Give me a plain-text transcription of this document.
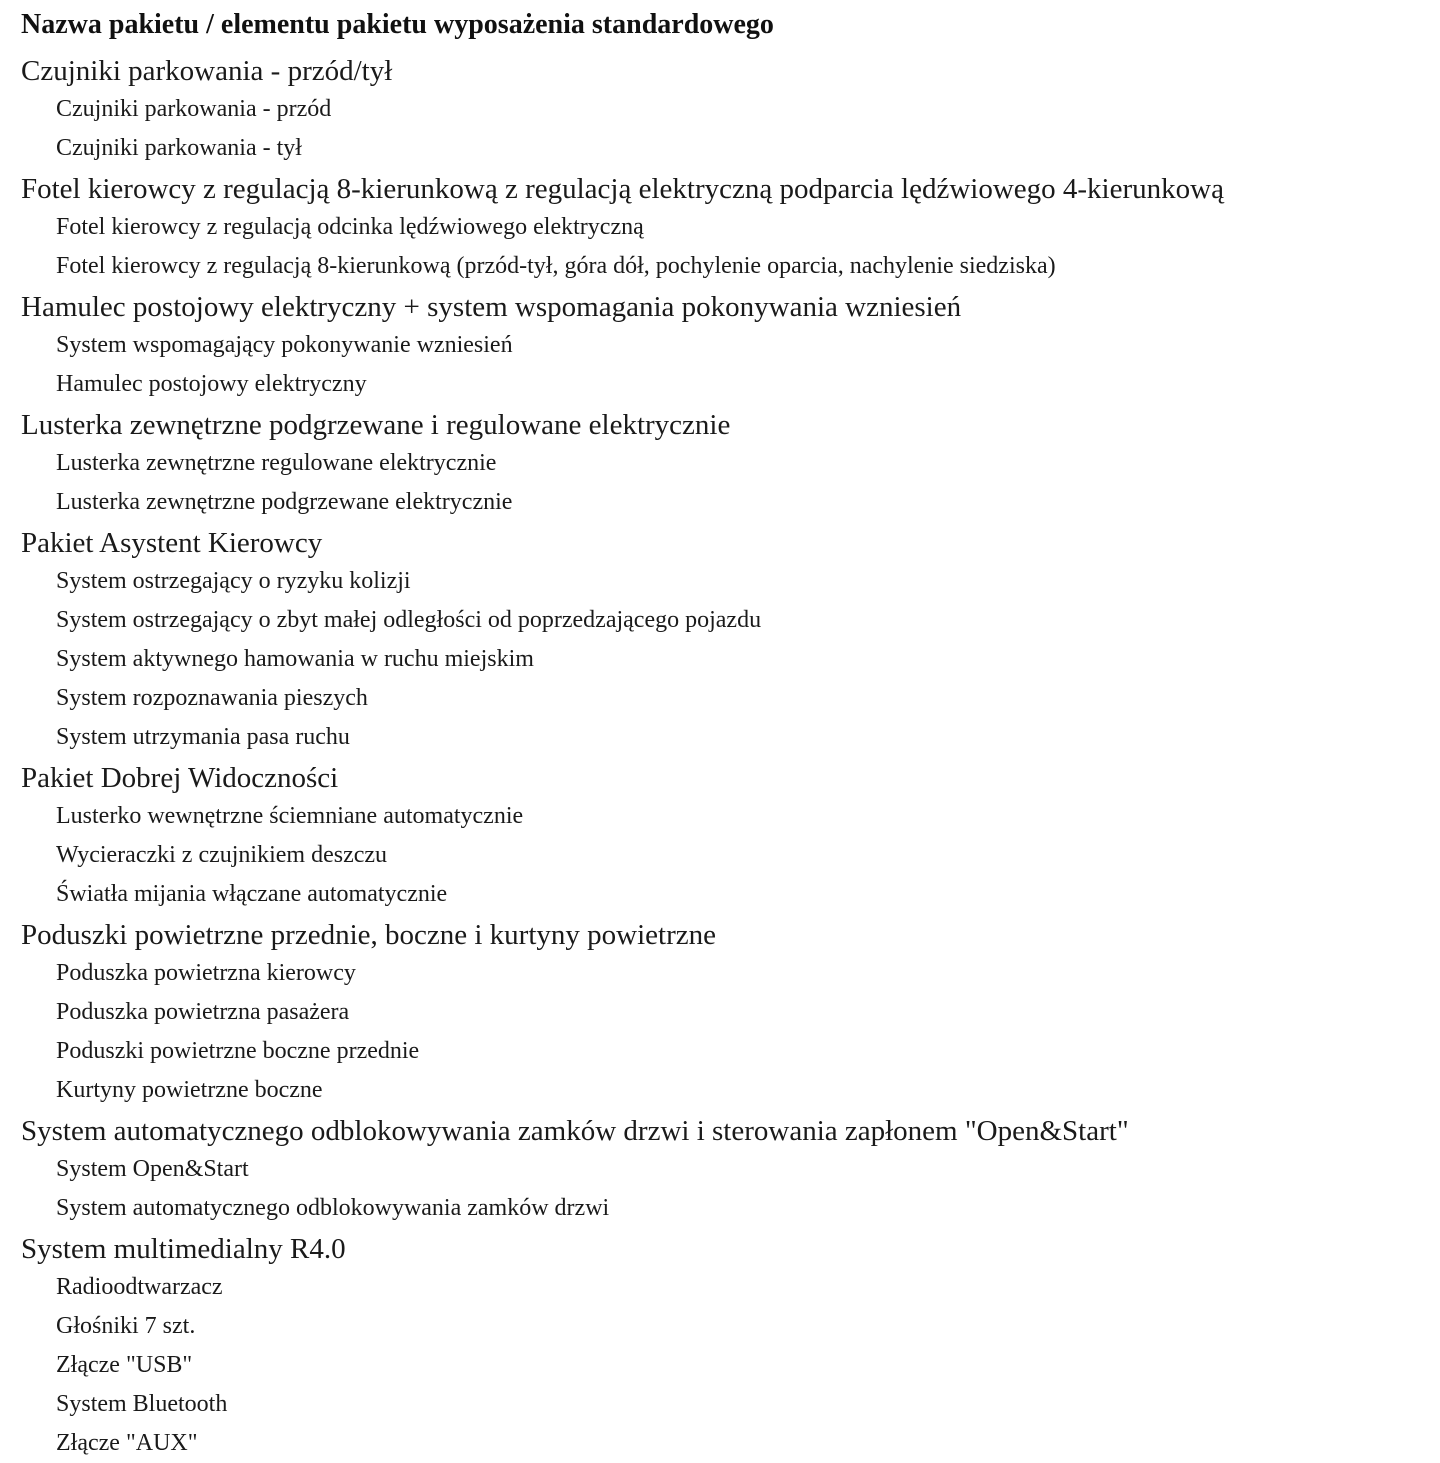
Nazwa pakietu / elementu pakietu wyposażenia standardowego
Czujniki parkowania - przód/tył
Czujniki parkowania - przód
Czujniki parkowania - tył
Fotel kierowcy z regulacją 8-kierunkową z regulacją elektryczną podparcia lędźwiowego 4-kierunkową
Fotel kierowcy z regulacją odcinka lędźwiowego elektryczną
Fotel kierowcy z regulacją 8-kierunkową (przód-tył, góra dół, pochylenie oparcia, nachylenie siedziska)
Hamulec postojowy elektryczny + system wspomagania pokonywania wzniesień
System wspomagający pokonywanie wzniesień
Hamulec postojowy elektryczny
Lusterka zewnętrzne podgrzewane i regulowane elektrycznie
Lusterka zewnętrzne regulowane elektrycznie
Lusterka zewnętrzne podgrzewane elektrycznie
Pakiet Asystent Kierowcy
System ostrzegający o ryzyku kolizji
System ostrzegający o zbyt małej odległości od poprzedzającego pojazdu
System aktywnego hamowania w ruchu miejskim
System rozpoznawania pieszych
System utrzymania pasa ruchu
Pakiet Dobrej Widoczności
Lusterko wewnętrzne ściemniane automatycznie
Wycieraczki z czujnikiem deszczu
Światła mijania włączane automatycznie
Poduszki powietrzne przednie, boczne i kurtyny powietrzne
Poduszka powietrzna kierowcy
Poduszka powietrzna pasażera
Poduszki powietrzne boczne przednie
Kurtyny powietrzne boczne
System automatycznego odblokowywania zamków drzwi i sterowania zapłonem "Open&Start"
System Open&Start
System automatycznego odblokowywania zamków drzwi
System multimedialny R4.0
Radioodtwarzacz
Głośniki 7 szt.
Złącze "USB"
System Bluetooth
Złącze "AUX"
